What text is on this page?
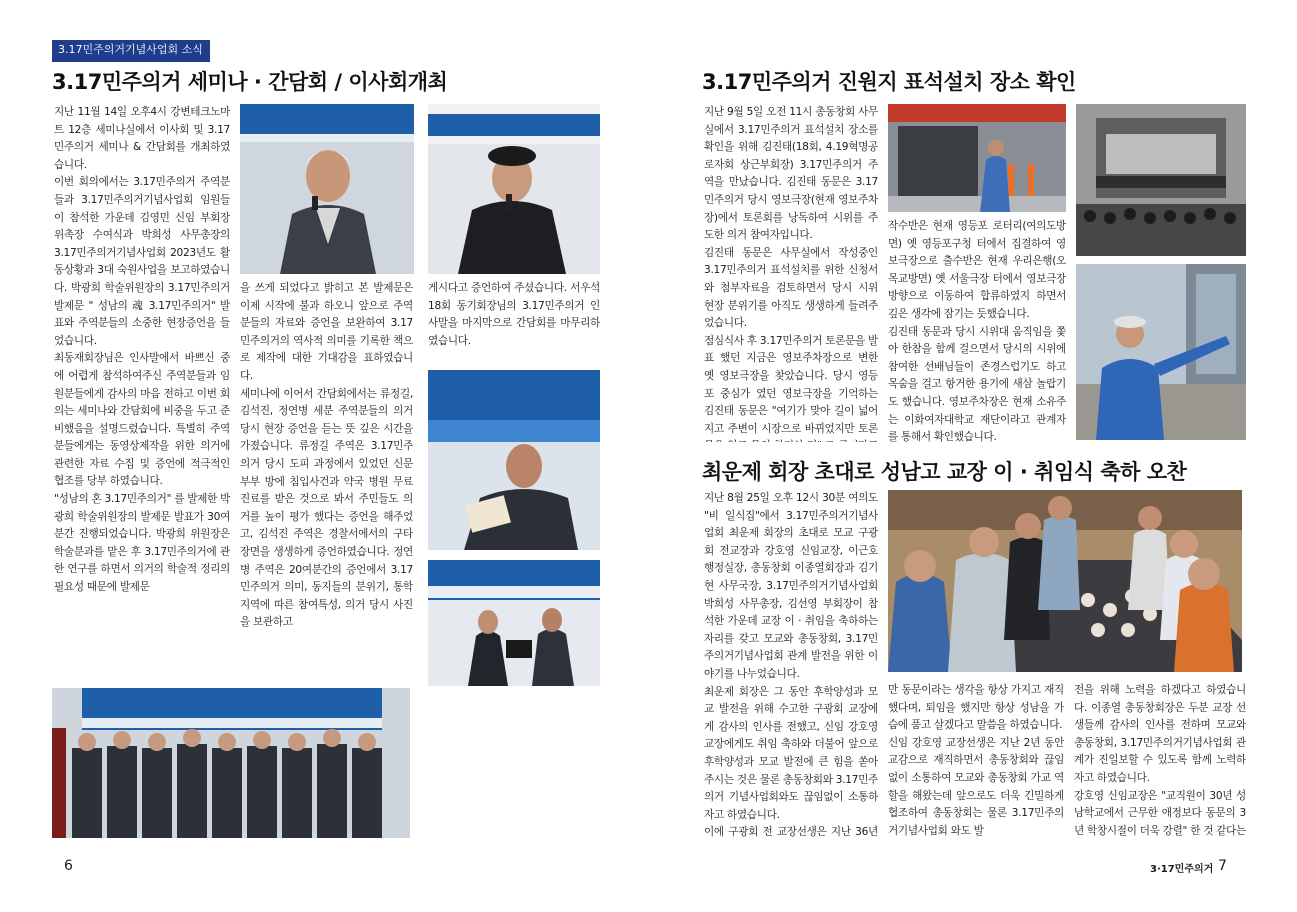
3.17민주의거기념사업회 소식
3.17민주의거 세미나 · 간담회 / 이사회개최

지난 11월 14일 오후4시 강변테크노마트 12층 세미나실에서 이사회 및 3.17민주의거 세미나 & 간담회를 개최하였습니다.

이번 회의에서는 3.17민주의거 주역분들과 3.17민주의거기념사업회 임원들이 참석한 가운데 김영민 신임 부회장 위촉장 수여식과 박희성 사무총장의 3.17민주의거기념사업회 2023년도 활동상황과 3대 숙원사업을 보고하였습니다. 박광희 학술위원장의 3.17민주의거 발제문 " 성남의 魂 3.17민주의거" 발표와 주역분들의 소중한 현장증언을 들었습니다.

최동재회장님은 인사말에서 바쁘신 중에 어렵게 참석하여주신 주역분들과 임원분들에게 감사의 마음 전하고 이번 회의는 세미나와 간담회에 비중을 두고 준비했음을 설명드렸습니다. 특별히 주역분들에게는 동영상제작을 위한 의거에 관련한 자료 수집 및 증언에 적극적인 협조를 당부 하였습니다.

"성남의 혼 3.17민주의거" 를 발제한 박광희 학술위원장의 발제문 발표가 30여분간 진행되었습니다. 박광희 위원장은 학술분과를 맡은 후 3.17민주의거에 관한 연구를 하면서 의거의 학술적 정리의 필요성 때문에 발제문

을 쓰게 되었다고 밝히고 본 발제문은 이제 시작에 불과 하오니 앞으로 주역분들의 자료와 증언을 보완하여 3.17민주의거의 역사적 의미를 기록한 책으로 제작에 대한 기대감을 표하였습니다.

세미나에 이어서 간담회에서는 류정길, 김석진, 정연병 세분 주역분들의 의거 당시 현장 증언을 듣는 뜻 깊은 시간을 가졌습니다. 류정길 주역은 3.17민주의거 당시 도피 과정에서 있었던 신문부부 방에 침입사건과 약국 병원 무료 진료를 받은 것으로 봐서 주민들도 의거를 높이 평가 했다는 증언을 해주었고, 김석진 주역은 경찰서에서의 구타장면을 생생하게 증언하였습니다. 정연병 주역은 20여분간의 증언에서 3.17민주의거 의미, 동지들의 분위기, 통학 지역에 따른 참여특성, 의거 당시 사진을 보관하고

게시다고 증언하여 주셨습니다. 서우석 18회 동기회장님의 3.17민주의거 인사말을 마지막으로 간담회를 마무리하였습니다.

6
3.17민주의거 진원지 표석설치 장소 확인

지난 9월 5일 오전 11시 총동창회 사무실에서 3.17민주의거 표석설치 장소를 확인을 위해 김진태(18회, 4.19혁명공로자회 상근부회장) 3.17민주의거 주역을 만났습니다. 김진태 동문은 3.17민주의거 당시 영보극장(현재 영보주차장)에서 토론회를 낭독하여 시위를 주도한 의거 참여자입니다.

김진태 동문은 사무실에서 작성중인 3.17민주의거 표석설치를 위한 신청서와 첨부자료을 검토하면서 당시 시위 현장 분위기를 아직도 생생하게 들려주었습니다.

점심식사 후 3.17민주의거 토론문을 발표 했던 지금은 영보주차장으로 변한 옛 영보극장을 찾았습니다. 당시 영등포 중심가 였던 영보극장을 기억하는 김진태 동문은 "여기가 맞아 길이 넓어지고 주변이 시장으로 바뀌었지만 토론

작수반은 현재 영등포 로터리(여의도방면) 옛 영등포구청 터에서 집결하여 영보극장으로 출수반은 현재 우리은행(오목교방면) 옛 서울극장 터에서 영보극장 방향으로 이동하여 합류하였지 하면서 깊은 생각에 잠기는 듯했습니다.

김진태 동문과 당시 시위대 움직임을 쫓아 한참을 함께 걸으면서 당시의 시위에 참여한 선배님들이 존경스럽기도 하고 목숨을 걸고 항거한 용기에 새삼 놀랍기도 했습니다. 영보주차장은 현재 소유주는 이화여자대학교 재단이라고 관계자를 통해서 확인했습니다.

최운제 회장 초대로 성남고 교장 이 · 취임식 축하 오찬

지난 8월 25일 오후 12시 30분 여의도 "비 일식집"에서 3.17민주의거기념사업회 최운제 회장의 초대로 모교 구광회 전교장과 강호영 신임교장, 이근호 행정실장, 총동창회 이종열회장과 김기현 사무국장, 3.17민주의거기념사업회 박희성 사무총장, 김선영 부회장이 참석한 가운데 교장 이 · 취임을 축하하는 자리를 갖고 모교와 총동창회, 3.17민주의거기념사업회 관계 발전을 위한 이야기를 나누었습니다.

최운제 회장은 그 동안 후학양성과 모교 발전을 위해 수고한 구광회 교장에게 감사의 인사를 전했고, 신임 강호영 교장에게도 취임 축하와 더불어 앞으로 후학양성과 모교 발전에 큰 힘을 쏟아주시는 것은 물론 총동창회와 3.17민주의거 기념사업회와도 끊임없이 소통하자고 하였습니다.

이에 구광회 전 교장선생은 지난 36년

만 동문이라는 생각을 항상 가지고 재직 했다며, 퇴임을 했지만 항상 성남을 가슴에 품고 살겠다고 말씀을 하였습니다.

신임 강호영 교장선생은 지난 2년 동안 교감으로 재직하면서 총동창회와 끊임없이 소통하여 모교와 총동창회 가교 역할을 해왔는데 앞으로도 더욱 긴밀하게 협조하여 총동창회는 물론 3.17민주의거기념사업회 와도 발

전을 위해 노력을 하겠다고 하였습니다. 이종열 총동창회장은 두분 교장 선생들께 감사의 인사를 전하며 모교와 총동창회, 3.17민주의거기념사업회 관계가 진일보할 수 있도록 함께 노력하자고 하였습니다.

강호영 신임교장은 "교직원이 30년 성남학교에서 근무한 애정보다 동문의 3년 학창시절이 더욱 강렬" 한 것 같다는

3·17민주의거 7
